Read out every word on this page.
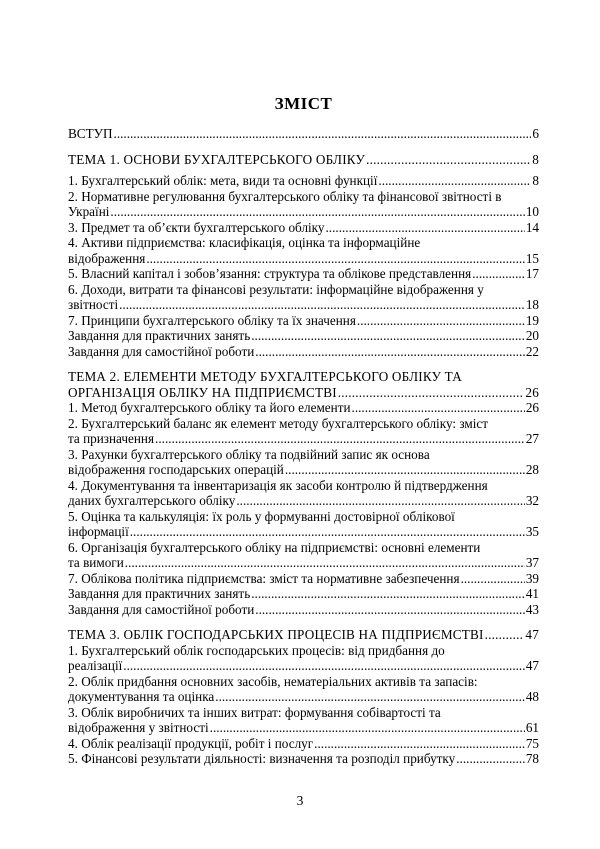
ЗМІСТ
ВСТУП .....	6
ТЕМА 1. ОСНОВИ БУХГАЛТЕРСЬКОГО ОБЛІКУ .....	8
1. Бухгалтерський облік: мета, види та основні функції .....	8
2. Нормативне регулювання бухгалтерського обліку та фінансової звітності в
Україні .....	10
3. Предмет та об’єкти бухгалтерського обліку .....	14
4. Активи підприємства: класифікація, оцінка та інформаційне
відображення .....	15
5. Власний капітал і зобов’язання: структура та облікове представлення .....	17
6. Доходи, витрати та фінансові результати: інформаційне відображення у
звітності .....	18
7. Принципи бухгалтерського обліку та їх значення .....	19
Завдання для практичних занять .....	20
Завдання для самостійної роботи .....	22
ТЕМА 2. ЕЛЕМЕНТИ МЕТОДУ БУХГАЛТЕРСЬКОГО ОБЛІКУ ТА
ОРГАНІЗАЦІЯ ОБЛІКУ НА ПІДПРИЄМСТВІ .....	26
1. Метод бухгалтерського обліку та його елементи .....	26
2. Бухгалтерський баланс як елемент методу бухгалтерського обліку: зміст
та призначення .....	27
3. Рахунки бухгалтерського обліку та подвійний запис як основа
відображення господарських операцій .....	28
4. Документування та інвентаризація як засоби контролю й підтвердження
даних бухгалтерського обліку .....	32
5. Оцінка та калькуляція: їх роль у формуванні достовірної облікової
інформації .....	35
6. Організація бухгалтерського обліку на підприємстві: основні елементи
та вимоги .....	37
7. Облікова політика підприємства: зміст та нормативне забезпечення .....	39
Завдання для практичних занять .....	41
Завдання для самостійної роботи .....	43
ТЕМА 3. ОБЛІК ГОСПОДАРСЬКИХ ПРОЦЕСІВ НА ПІДПРИЄМСТВІ .....	47
1. Бухгалтерський облік господарських процесів: від придбання до
реалізації .....	47
2. Облік придбання основних засобів, нематеріальних активів та запасів:
документування та оцінка .....	48
3. Облік виробничих та інших витрат: формування собівартості та
відображення у звітності .....	61
4. Облік реалізації продукції, робіт і послуг .....	75
5. Фінансові результати діяльності: визначення та розподіл прибутку .....	78
3
